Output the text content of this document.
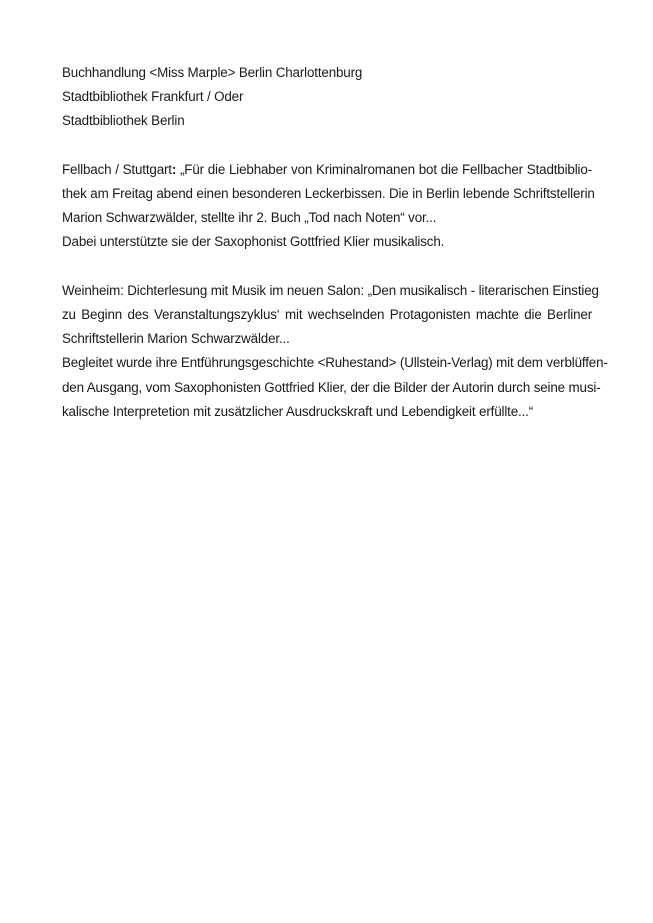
Buchhandlung <Miss Marple> Berlin Charlottenburg
Stadtbibliothek Frankfurt / Oder
Stadtbibliothek Berlin
Fellbach / Stuttgart: „Für die Liebhaber von Kriminalromanen bot die Fellbacher Stadtbiblio-
thek am Freitag abend einen besonderen Leckerbissen. Die in Berlin lebende Schriftstellerin
Marion Schwarzwälder, stellte ihr 2. Buch „Tod nach Noten“ vor...
Dabei unterstützte sie der Saxophonist Gottfried Klier musikalisch.
Weinheim: Dichterlesung mit Musik im neuen Salon: „Den musikalisch - literarischen Einstieg
zu Beginn des Veranstaltungszyklus‘ mit wechselnden Protagonisten machte die Berliner
Schriftstellerin Marion Schwarzwälder...
Begleitet wurde ihre Entführungsgeschichte <Ruhestand> (Ullstein-Verlag) mit dem verblüffen-
den Ausgang, vom Saxophonisten Gottfried Klier, der die Bilder der Autorin durch seine musi-
kalische Interpretetion mit zusätzlicher Ausdruckskraft und Lebendigkeit erfüllte...“
